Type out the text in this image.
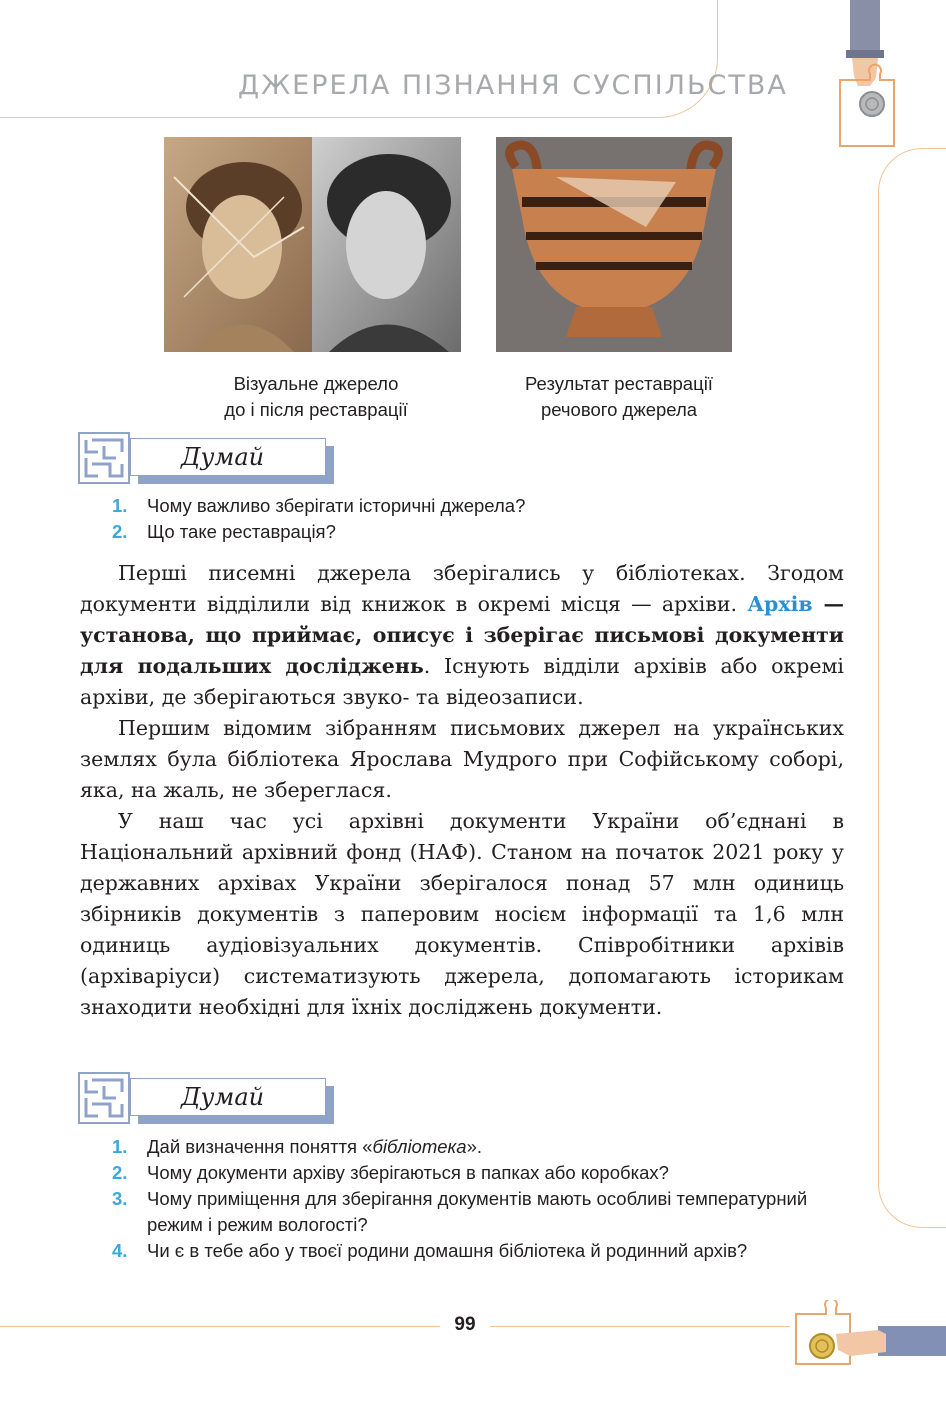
ДЖЕРЕЛА ПІЗНАННЯ СУСПІЛЬСТВА
Візуальне джерело
до і після реставрації
Результат реставрації
речового джерела
Думай
1. Чому важливо зберігати історичні джерела?
2. Що таке реставрація?

Перші писемні джерела зберігались у бібліотеках. Згодом документи відділили від книжок в окремі місця — архіви. Архів — установа, що приймає, описує і зберігає письмові документи для подальших досліджень. Існують відділи архівів або окремі архіви, де зберігаються звуко- та відеозаписи.

Першим відомим зібранням письмових джерел на українських землях була бібліотека Ярослава Мудрого при Софійському соборі, яка, на жаль, не збереглася.

У наш час усі архівні документи України об’єднані в Національний архівний фонд (НАФ). Станом на початок 2021 року у державних архівах України зберігалося понад 57 млн одиниць збірників документів з паперовим носієм інформації та 1,6 млн одиниць аудіовізуальних документів. Співробітники архівів (архіваріуси) систематизують джерела, допомагають історикам знаходити необхідні для їхніх досліджень документи.

Думай
1. Дай визначення поняття «бібліотека».
2. Чому документи архіву зберігаються в папках або коробках?
3. Чому приміщення для зберігання документів мають особливі температурний режим і режим вологості?
4. Чи є в тебе або у твоєї родини домашня бібліотека й родинний архів?
99
